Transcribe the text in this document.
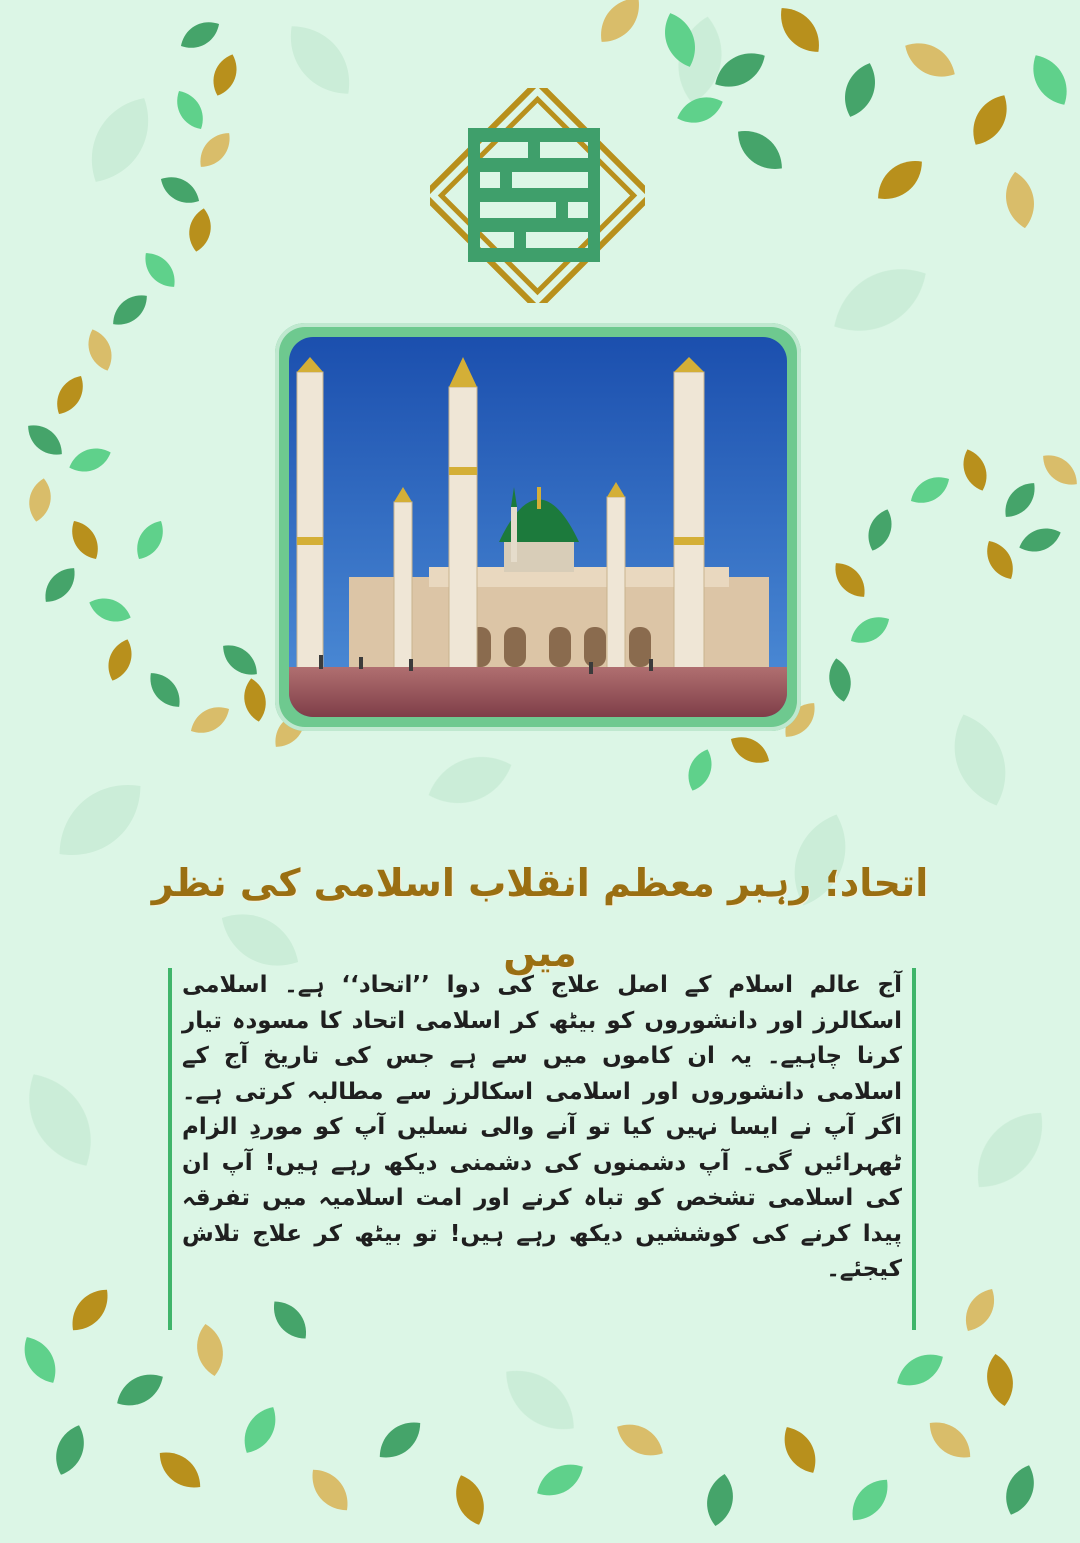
اتحاد؛ رہبر معظم انقلاب اسلامی کی نظر میں

آج عالم اسلام کے اصل علاج کی دوا ’’اتحاد‘‘ ہے۔ اسلامی اسکالرز اور دانشوروں کو بیٹھ کر اسلامی اتحاد کا مسودہ تیار کرنا چاہیے۔ یہ ان کاموں میں سے ہے جس کی تاریخ آج کے اسلامی دانشوروں اور اسلامی اسکالرز سے مطالبہ کرتی ہے۔ اگر آپ نے ایسا نہیں کیا تو آنے والی نسلیں آپ کو موردِ الزام ٹھہرائیں گی۔ آپ دشمنوں کی دشمنی دیکھ رہے ہیں! آپ ان کی اسلامی تشخص کو تباہ کرنے اور امت اسلامیہ میں تفرقہ پیدا کرنے کی کوششیں دیکھ رہے ہیں! تو بیٹھ کر علاج تلاش کیجئے۔
